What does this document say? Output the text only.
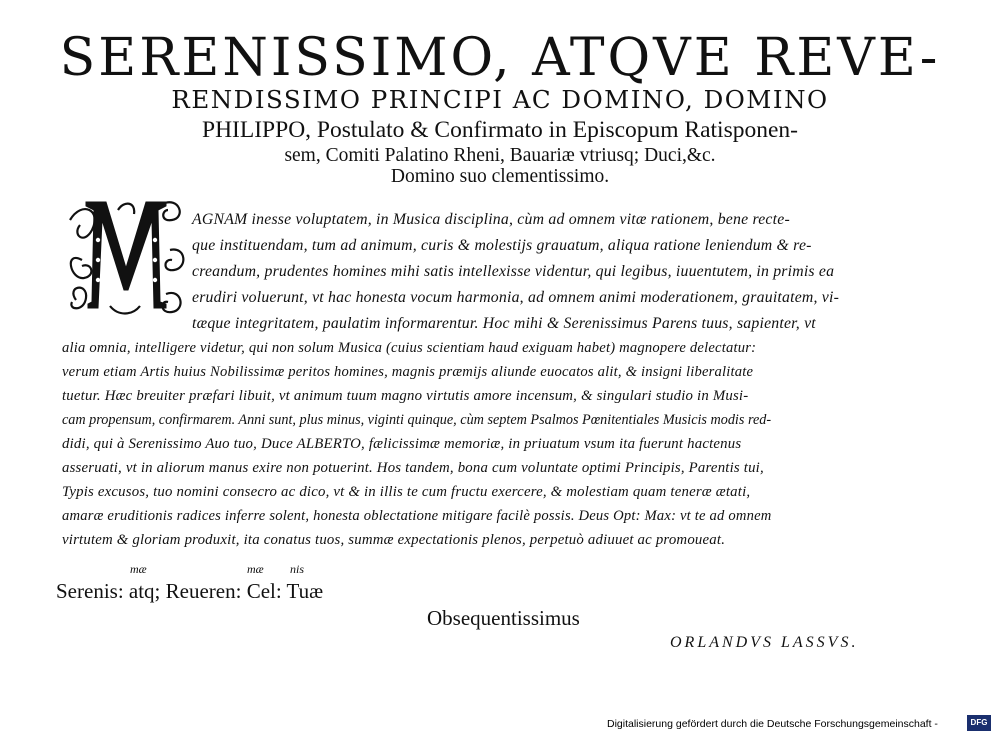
SERENISSIMO, ATQVE REVE-
RENDISSIMO PRINCIPI AC DOMINO, DOMINO
PHILIPPO, Postulato & Confirmato in Episcopum Ratisponen-
sem, Comiti Palatino Rheni, Bauariæ vtriusq; Duci,&c.
Domino suo clementissimo.
AGNAM inesse voluptatem, in Musica disciplina, cùm ad omnem vitæ rationem, bene recte-
que instituendam, tum ad animum, curis & molestijs grauatum, aliqua ratione leniendum & re-
creandum, prudentes homines mihi satis intellexisse videntur, qui legibus, iuuentutem, in primis ea
erudiri voluerunt, vt hac honesta vocum harmonia, ad omnem animi moderationem, grauitatem, vi-
tæque integritatem, paulatim informarentur. Hoc mihi & Serenissimus Parens tuus, sapienter, vt
alia omnia, intelligere videtur, qui non solum Musica (cuius scientiam haud exiguam habet) magnopere delectatur:
verum etiam Artis huius Nobilissimæ peritos homines, magnis præmijs aliunde euocatos alit, & insigni liberalitate
tuetur. Hæc breuiter præfari libuit, vt animum tuum magno virtutis amore incensum, & singulari studio in Musi-
cam propensum, confirmarem. Anni sunt, plus minus, viginti quinque, cùm septem Psalmos Pœnitentiales Musicis modis red-
didi, qui à Serenissimo Auo tuo, Duce ALBERTO, fælicissimæ memoriæ, in priuatum vsum ita fuerunt hactenus
asseruati, vt in aliorum manus exire non potuerint. Hos tandem, bona cum voluntate optimi Principis, Parentis tui,
Typis excusos, tuo nomini consecro ac dico, vt & in illis te cum fructu exercere, & molestiam quam teneræ ætati,
amaræ eruditionis radices inferre solent, honesta oblectatione mitigare facilè possis. Deus Opt: Max: vt te ad omnem
virtutem & gloriam produxit, ita conatus tuos, summæ expectationis plenos, perpetuò adiuuet ac promoueat.
mæ	mæ nis
Serenis: atq; Reueren: Cel: Tuæ
Obsequentissimus
ORLANDVS LASSVS.
Digitalisierung gefördert durch die Deutsche Forschungsgemeinschaft -	DFG
